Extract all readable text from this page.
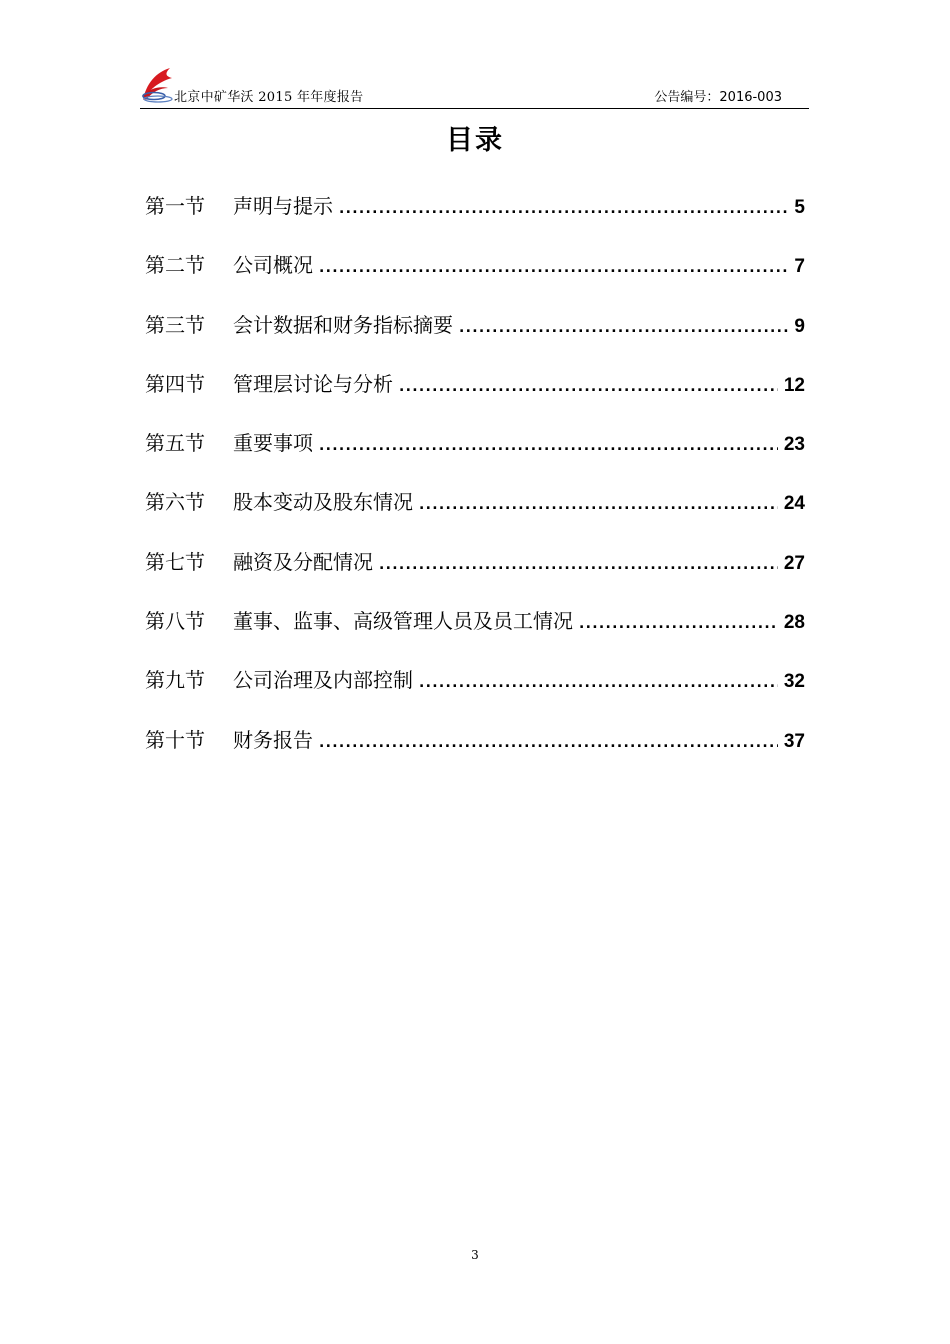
北京中矿华沃 2015 年年度报告	公告编号：2016-003
目录
第一节	声明与提示 .....	5
第二节	公司概况 .....	7
第三节	会计数据和财务指标摘要 .....	9
第四节	管理层讨论与分析 .....	12
第五节	重要事项 .....	23
第六节	股本变动及股东情况 .....	24
第七节	融资及分配情况 .....	27
第八节	董事、监事、高级管理人员及员工情况 .....	28
第九节	公司治理及内部控制 .....	32
第十节	财务报告 .....	37
3
